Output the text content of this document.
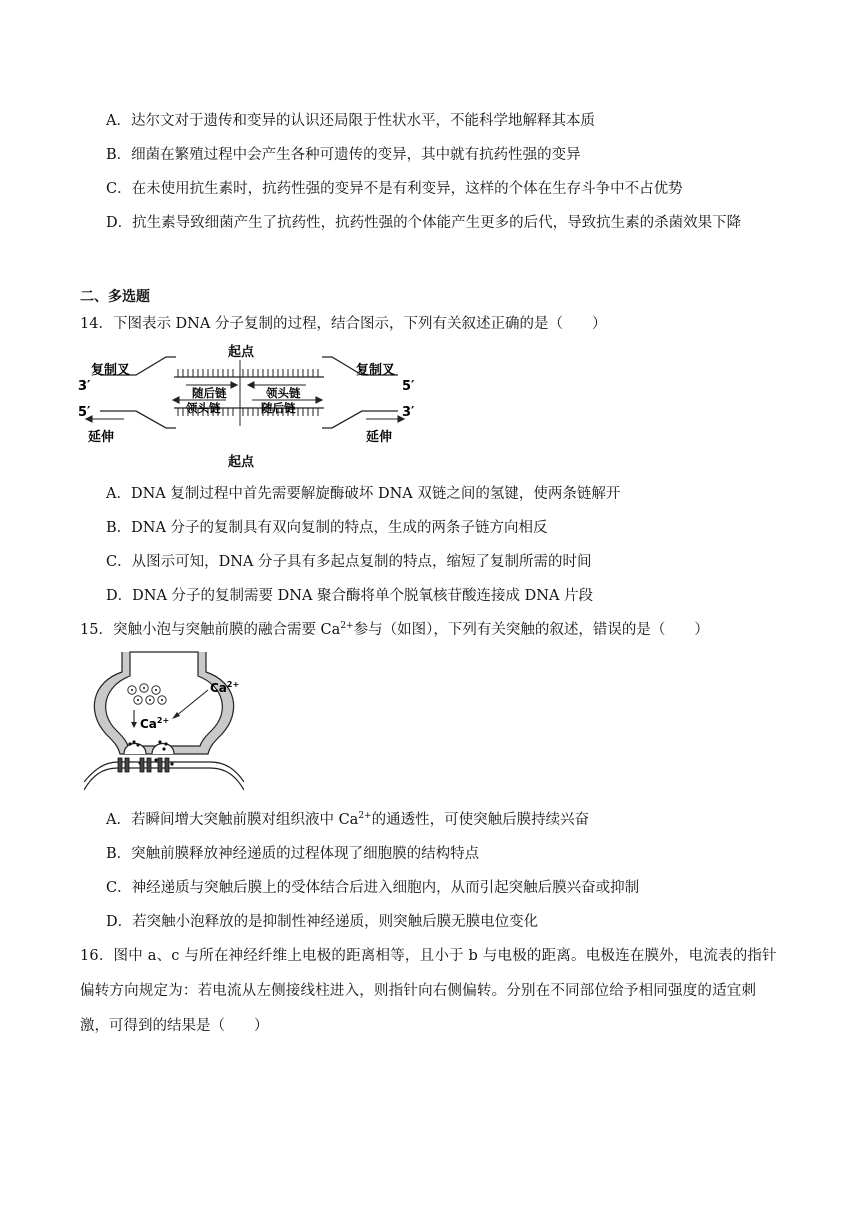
A．达尔文对于遗传和变异的认识还局限于性状水平，不能科学地解释其本质
B．细菌在繁殖过程中会产生各种可遗传的变异，其中就有抗药性强的变异
C．在未使用抗生素时，抗药性强的变异不是有利变异，这样的个体在生存斗争中不占优势
D．抗生素导致细菌产生了抗药性，抗药性强的个体能产生更多的后代，导致抗生素的杀菌效果下降
二、多选题
14．下图表示 DNA 分子复制的过程，结合图示，下列有关叙述正确的是（　　）
起点
起点
复制叉	复制叉
3′	5′
5′	3′
随后链	领头链
领头链	随后链
延伸	延伸
A．DNA 复制过程中首先需要解旋酶破坏 DNA 双链之间的氢键，使两条链解开
B．DNA 分子的复制具有双向复制的特点，生成的两条子链方向相反
C．从图示可知，DNA 分子具有多起点复制的特点，缩短了复制所需的时间
D．DNA 分子的复制需要 DNA 聚合酶将单个脱氧核苷酸连接成 DNA 片段
15．突触小泡与突触前膜的融合需要 $Ca^{2+}$参与（如图），下列有关突触的叙述，错误的是（　　）
$Ca^{2+}$
$Ca^{2+}$
A．若瞬间增大突触前膜对组织液中 $Ca^{2+}$的通透性，可使突触后膜持续兴奋
B．突触前膜释放神经递质的过程体现了细胞膜的结构特点
C．神经递质与突触后膜上的受体结合后进入细胞内，从而引起突触后膜兴奋或抑制
D．若突触小泡释放的是抑制性神经递质，则突触后膜无膜电位变化
16．图中 a、c 与所在神经纤维上电极的距离相等，且小于 b 与电极的距离。电极连在膜外，电流表的指针
偏转方向规定为：若电流从左侧接线柱进入，则指针向右侧偏转。分别在不同部位给予相同强度的适宜刺
激，可得到的结果是（　　）
